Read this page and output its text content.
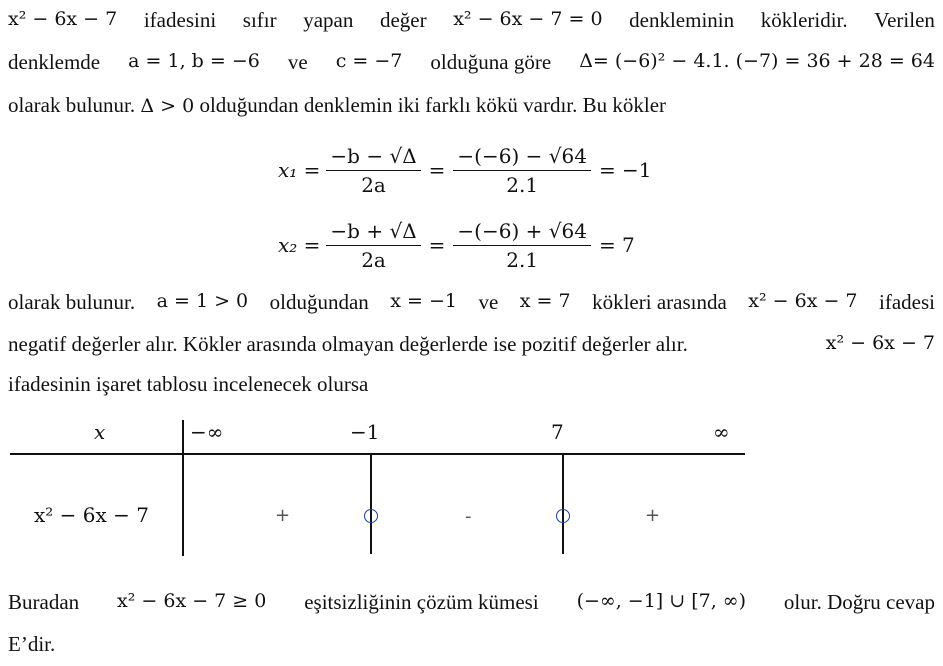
x² − 6x − 7 ifadesini sıfır yapan değer x² − 6x − 7 = 0 denkleminin kökleridir. Verilen
denklemde a = 1, b = −6 ve c = −7 olduğuna göre Δ= (−6)² − 4.1. (−7) = 36 + 28 = 64
olarak bulunur. Δ > 0 olduğundan denklemin iki farklı kökü vardır. Bu kökler
$x_1 = \frac{-b - √\Delta}{2a} = \frac{-(-6) - √64}{2.1} = -1$
$x_2 = \frac{-b + √\Delta}{2a} = \frac{-(-6) + √64}{2.1} = 7$
olarak bulunur. a = 1 > 0 olduğundan x = −1 ve x = 7 kökleri arasında x² − 6x − 7 ifadesi
negatif değerler alır. Kökler arasında olmayan değerlerde ise pozitif değerler alır.	x² − 6x − 7
ifadesinin işaret tablosu incelenecek olursa
x	−∞	−1	7	∞
x² − 6x − 7	+	-	+
Buradan x² − 6x − 7 ≥ 0 eşitsizliğinin çözüm kümesi (−∞, −1] ∪ [7, ∞) olur. Doğru cevap
E’dir.
